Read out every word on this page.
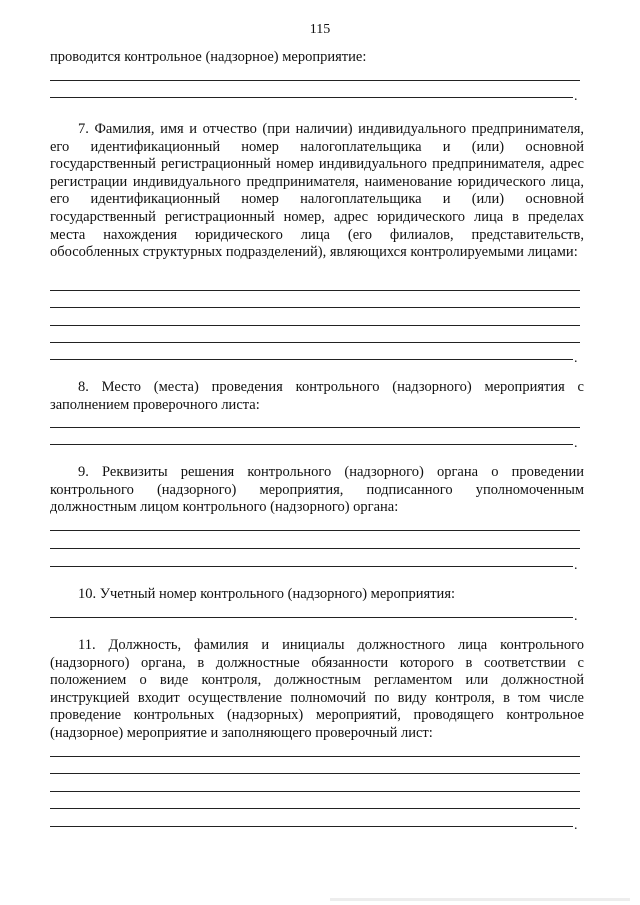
115

проводится контрольное (надзорное) мероприятие:

.

7. Фамилия, имя и отчество (при наличии) индивидуального предпринимателя, его идентификационный номер налогоплательщика и (или) основной государственный регистрационный номер индивидуального предпринимателя, адрес регистрации индивидуального предпринимателя, наименование юридического лица, его идентификационный номер налогоплательщика и (или) основной государственный регистрационный номер, адрес юридического лица в пределах места нахождения юридического лица (его филиалов, представительств, обособленных структурных подразделений), являющихся контролируемыми лицами:

.

8. Место (места) проведения контрольного (надзорного) мероприятия с заполнением проверочного листа:

.

9. Реквизиты решения контрольного (надзорного) органа о проведении контрольного (надзорного) мероприятия, подписанного уполномоченным должностным лицом контрольного (надзорного) органа:

.

10. Учетный номер контрольного (надзорного) мероприятия:

.

11. Должность, фамилия и инициалы должностного лица контрольного (надзорного) органа, в должностные обязанности которого в соответствии с положением о виде контроля, должностным регламентом или должностной инструкцией входит осуществление полномочий по виду контроля, в том числе проведение контрольных (надзорных) мероприятий, проводящего контрольное (надзорное) мероприятие и заполняющего проверочный лист:

.
